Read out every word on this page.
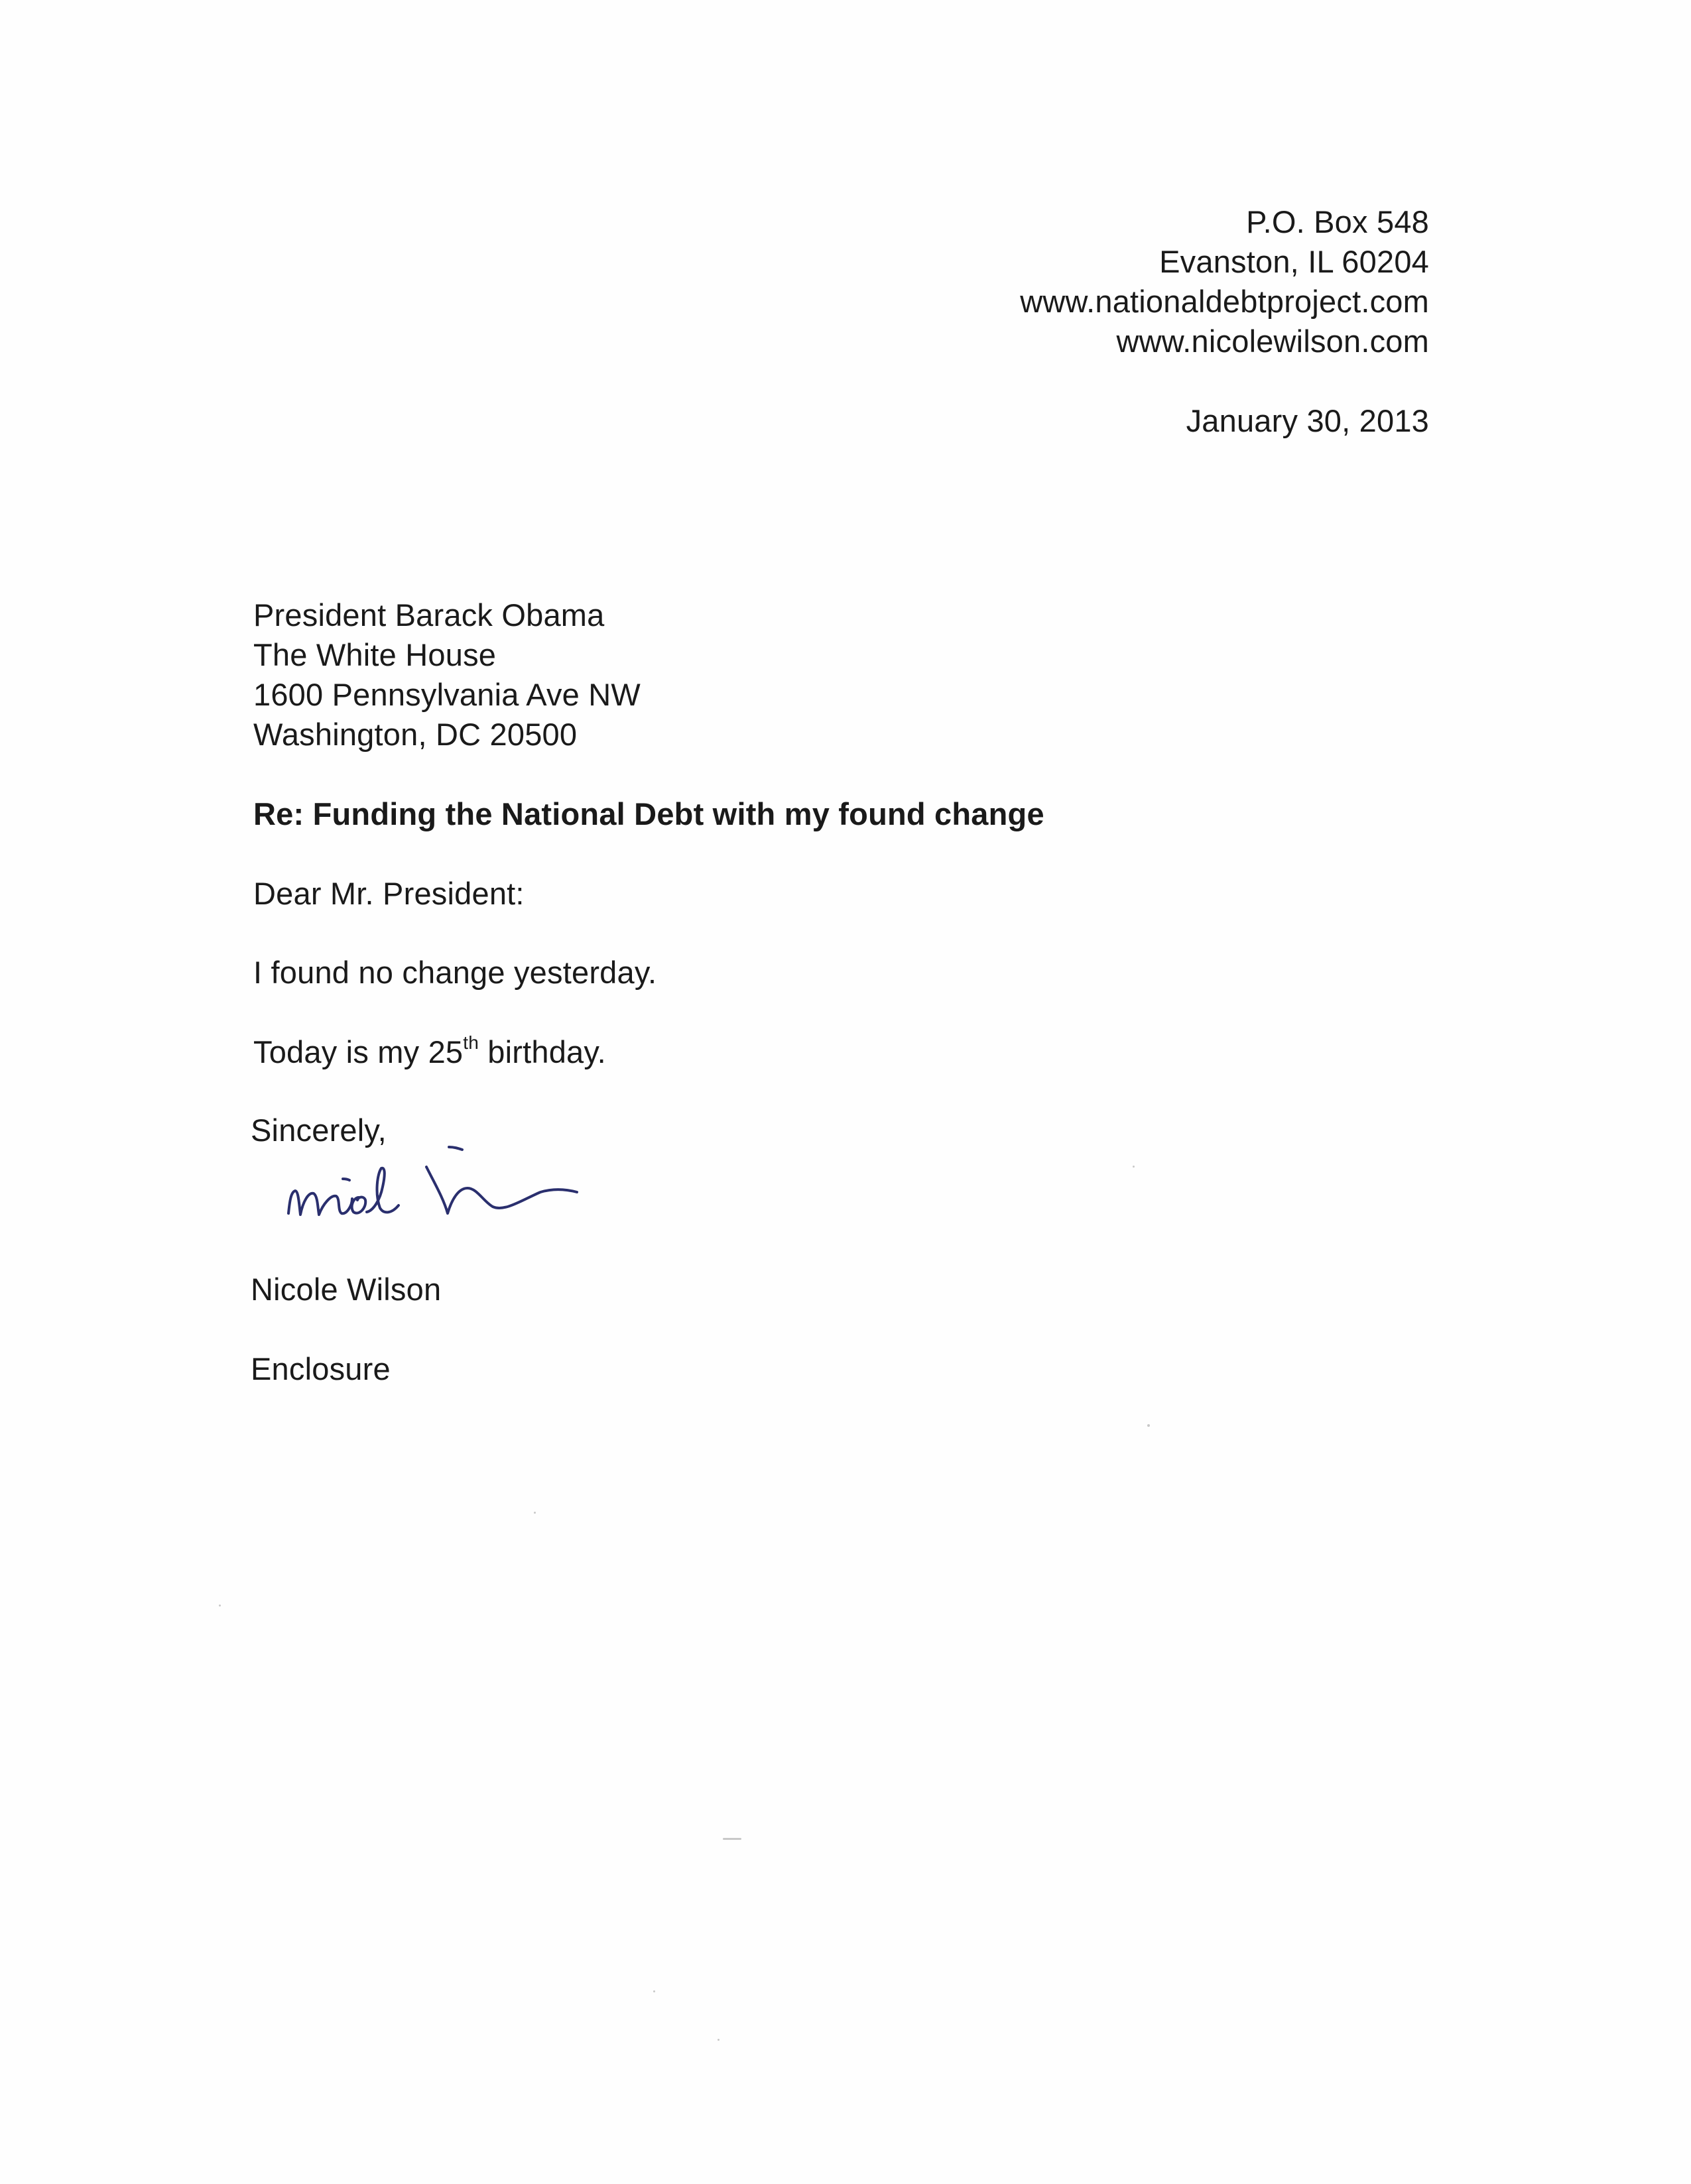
P.O. Box 548
Evanston, IL 60204
www.nationaldebtproject.com
www.nicolewilson.com
January 30, 2013
President Barack Obama
The White House
1600 Pennsylvania Ave NW
Washington, DC 20500
Re: Funding the National Debt with my found change
Dear Mr. President:
I found no change yesterday.
Today is my 25th birthday.
Sincerely,
Nicole Wilson
Enclosure
